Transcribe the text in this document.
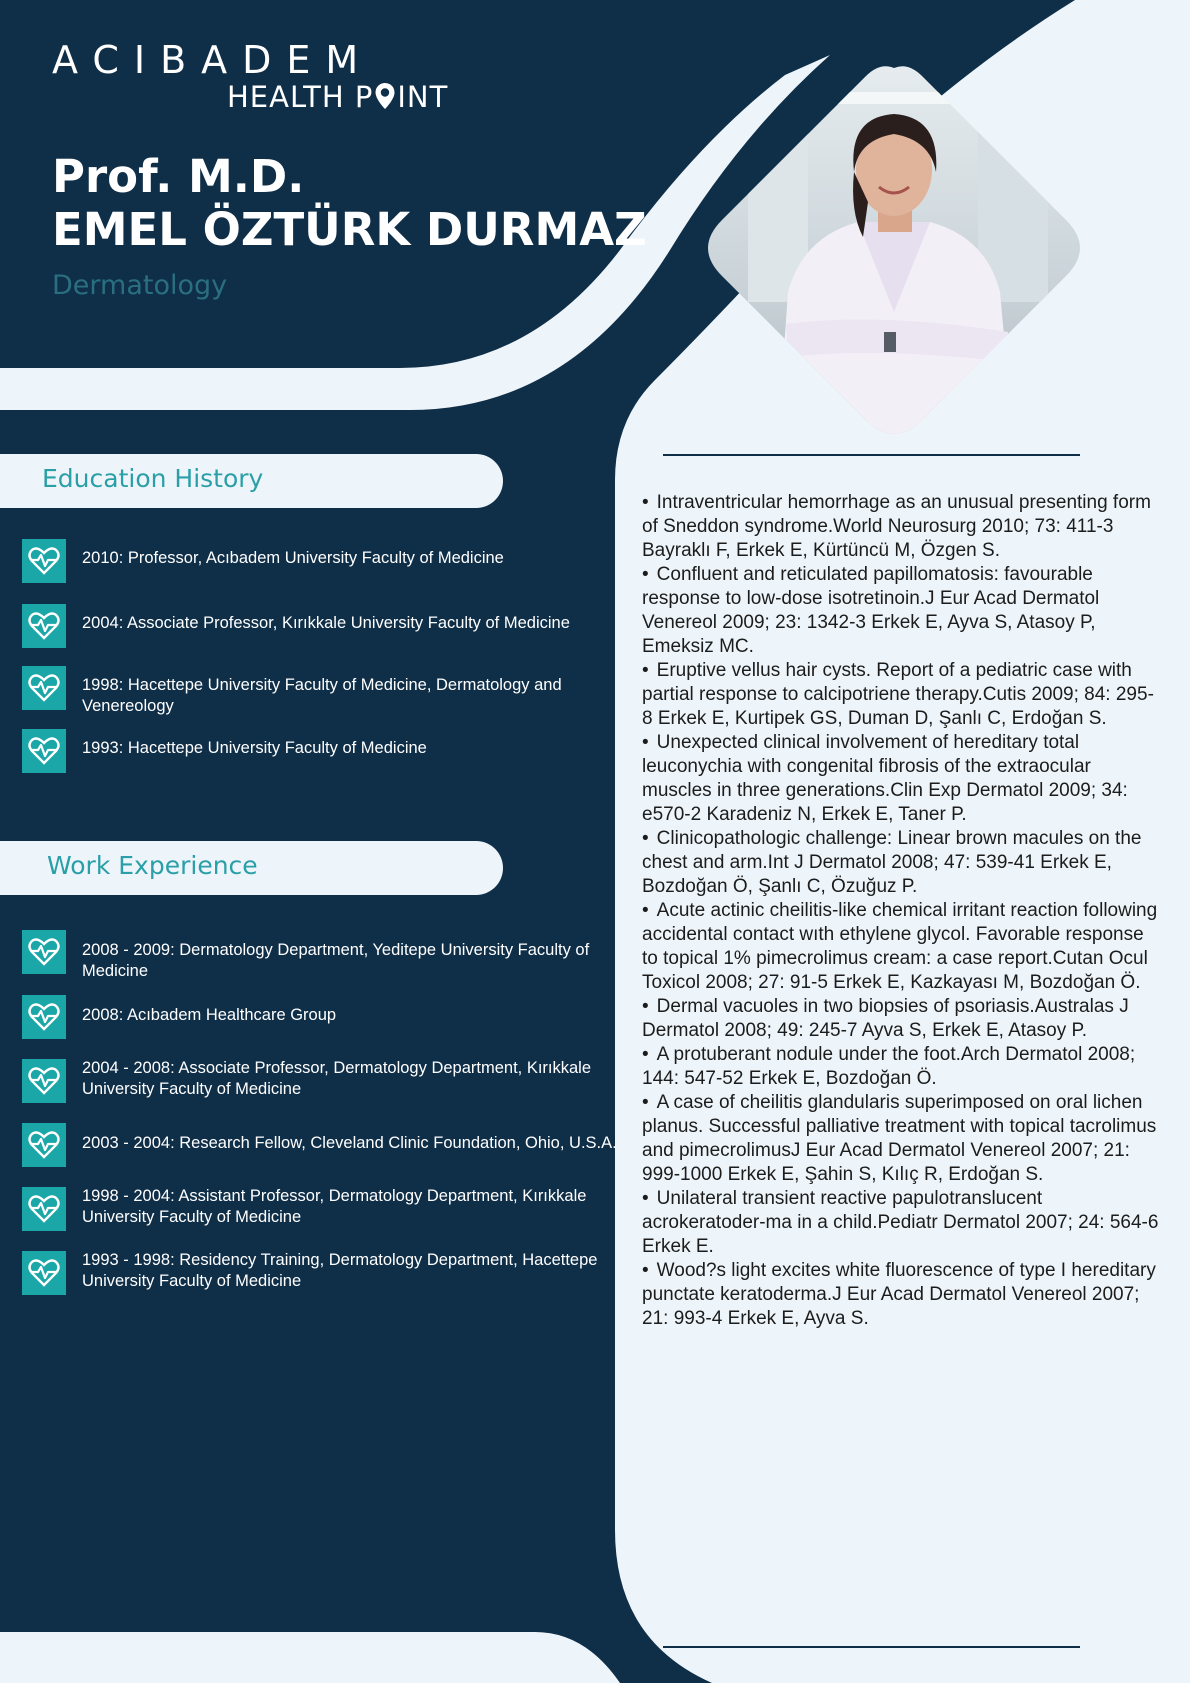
ACIBADEM
HEALTH P INT
Prof. M.D.
EMEL ÖZTÜRK DURMAZ
Dermatology
Education History
2010: Professor, Acıbadem University Faculty of Medicine
2004: Associate Professor, Kırıkkale University Faculty of Medicine
1998: Hacettepe University Faculty of Medicine, Dermatology and Venereology
1993: Hacettepe University Faculty of Medicine
Work Experience
2008 - 2009: Dermatology Department, Yeditepe University Faculty of Medicine
2008: Acıbadem Healthcare Group
2004 - 2008: Associate Professor, Dermatology Department, Kırıkkale University Faculty of Medicine
2003 - 2004: Research Fellow, Cleveland Clinic Foundation, Ohio, U.S.A.
1998 - 2004: Assistant Professor, Dermatology Department, Kırıkkale University Faculty of Medicine
1993 - 1998: Residency Training, Dermatology Department, Hacettepe University Faculty of Medicine

• Intraventricular hemorrhage as an unusual presenting form of Sneddon syndrome.World Neurosurg 2010; 73: 411-3 Bayraklı F, Erkek E, Kürtüncü M, Özgen S.

• Confluent and reticulated papillomatosis: favourable response to low-dose isotretinoin.J Eur Acad Dermatol Venereol 2009; 23: 1342-3 Erkek E, Ayva S, Atasoy P, Emeksiz MC.

• Eruptive vellus hair cysts. Report of a pediatric case with partial response to calcipotriene therapy.Cutis 2009; 84: 295-8 Erkek E, Kurtipek GS, Duman D, Şanlı C, Erdoğan S.

• Unexpected clinical involvement of hereditary total leuconychia with congenital fibrosis of the extraocular muscles in three generations.Clin Exp Dermatol 2009; 34: e570-2 Karadeniz N, Erkek E, Taner P.

• Clinicopathologic challenge: Linear brown macules on the chest and arm.Int J Dermatol 2008; 47: 539-41 Erkek E, Bozdoğan Ö, Şanlı C, Özuğuz P.

• Acute actinic cheilitis-like chemical irritant reaction following accidental contact wıth ethylene glycol. Favorable response to topical 1% pimecrolimus cream: a case report.Cutan Ocul Toxicol 2008; 27: 91-5 Erkek E, Kazkayası M, Bozdoğan Ö.

• Dermal vacuoles in two biopsies of psoriasis.Australas J Dermatol 2008; 49: 245-7 Ayva S, Erkek E, Atasoy P.

• A protuberant nodule under the foot.Arch Dermatol 2008; 144: 547-52 Erkek E, Bozdoğan Ö.

• A case of cheilitis glandularis superimposed on oral lichen planus. Successful palliative treatment with topical tacrolimus and pimecrolimusJ Eur Acad Dermatol Venereol 2007; 21: 999-1000 Erkek E, Şahin S, Kılıç R, Erdoğan S.

• Unilateral transient reactive papulotranslucent acrokeratoder-ma in a child.Pediatr Dermatol 2007; 24: 564-6 Erkek E.

• Wood?s light excites white fluorescence of type I hereditary punctate keratoderma.J Eur Acad Dermatol Venereol 2007; 21: 993-4 Erkek E, Ayva S.
